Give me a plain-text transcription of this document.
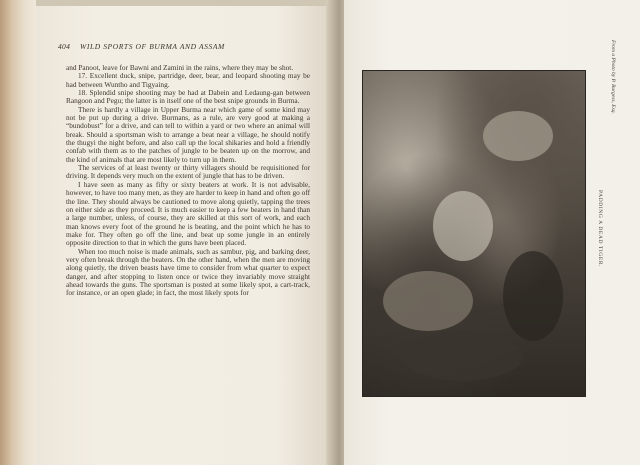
404 WILD SPORTS OF BURMA AND ASSAM

and Panoot, leave for Bawni and Zamini in the rains, where they may be shot.

17. Excellent duck, snipe, partridge, deer, bear, and leopard shooting may be had between Wuntho and Tigyaing.

18. Splendid snipe shooting may be had at Dabein and Ledaung-gan between Rangoon and Pegu; the latter is in itself one of the best snipe grounds in Burma.

There is hardly a village in Upper Burma near which game of some kind may not be put up during a drive. Burmans, as a rule, are very good at making a “bundobust” for a drive, and can tell to within a yard or two where an animal will break. Should a sportsman wish to arrange a beat near a village, he should notify the thugyi the night before, and also call up the local shikaries and hold a friendly confab with them as to the patches of jungle to be beaten up on the morrow, and the kind of animals that are most likely to turn up in them.

The services of at least twenty or thirty villagers should be requisitioned for driving. It depends very much on the extent of jungle that has to be driven.

I have seen as many as fifty or sixty beaters at work. It is not advisable, however, to have too many men, as they are harder to keep in hand and often go off the line. They should always be cautioned to move along quietly, tapping the trees on either side as they proceed. It is much easier to keep a few beaters in hand than a large number, unless, of course, they are skilled at this sort of work, and each man knows every foot of the ground he is beating, and the point which he has to make for. They often go off the line, and beat up some jungle in an entirely opposite direction to that in which the guns have been placed.

When too much noise is made animals, such as sambur, pig, and barking deer, very often break through the beaters. On the other hand, when the men are moving along quietly, the driven beasts have time to consider from what quarter to expect danger, and after stopping to listen once or twice they invariably move straight ahead towards the guns. The sportsman is posted at some likely spot, a cart-track, for instance, or an open glade; in fact, the most likely spots for

PADDING A DEAD TIGER.
From a Photo by P. Burgess, Esq.
